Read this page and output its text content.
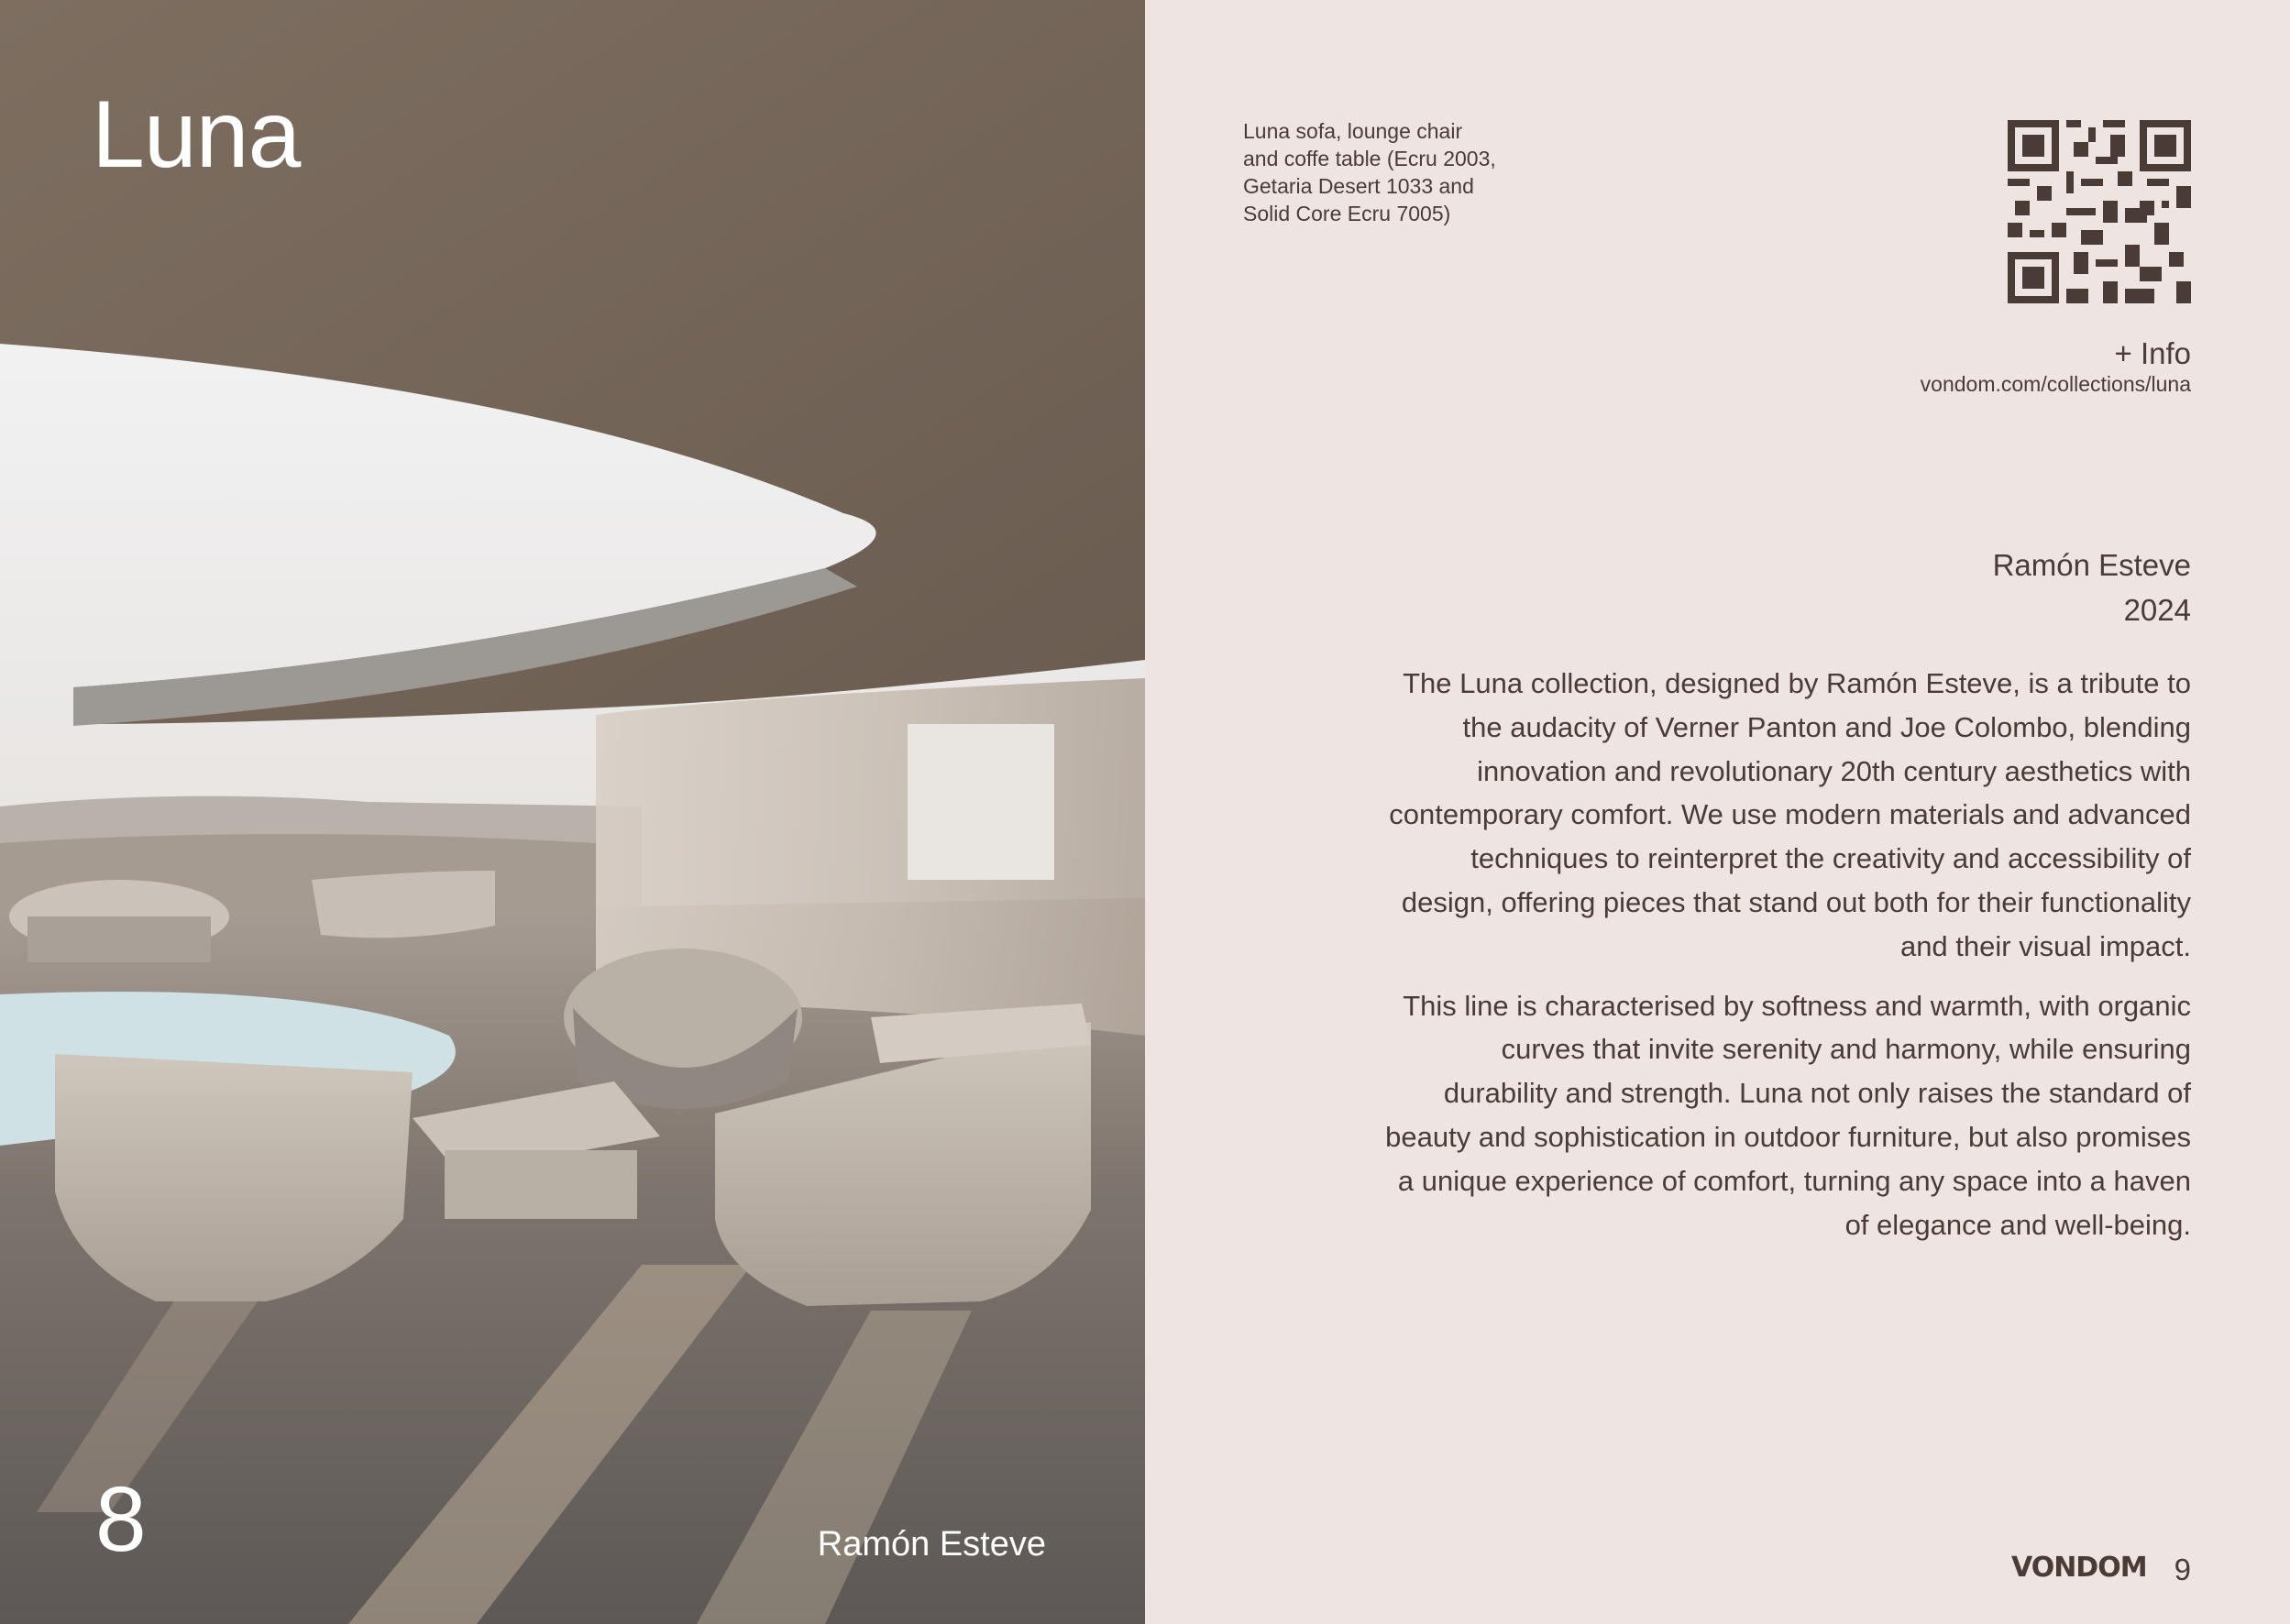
Luna
8	Ramón Esteve

Luna sofa, lounge chair and coffe table (Ecru 2003, Getaria Desert 1033 and Solid Core Ecru 7005)

+ Info
vondom.com/collections/luna
Ramón Esteve
2024

The Luna collection, designed by Ramón Esteve, is a tribute to the audacity of Verner Panton and Joe Colombo, blending innovation and revolutionary 20th century aesthetics with contemporary comfort. We use modern materials and advanced techniques to reinterpret the creativity and accessibility of design, offering pieces that stand out both for their functionality and their visual impact.

This line is characterised by softness and warmth, with organic curves that invite serenity and harmony, while ensuring durability and strength. Luna not only raises the standard of beauty and sophistication in outdoor furniture, but also promises a unique experience of comfort, turning any space into a haven of elegance and well-being.

VONDOM 9
